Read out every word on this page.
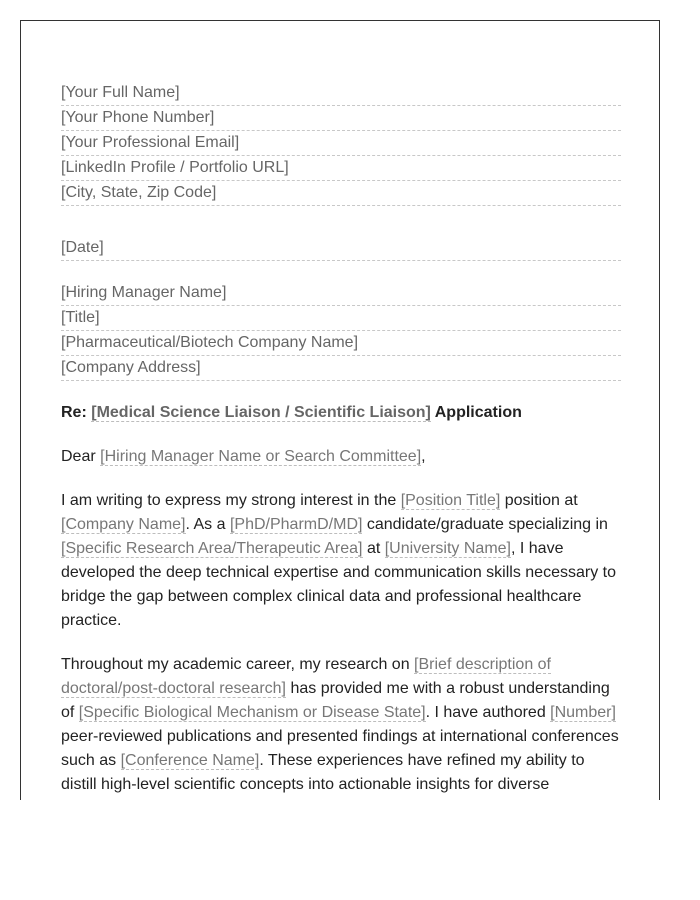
[Your Full Name]
[Your Phone Number]
[Your Professional Email]
[LinkedIn Profile / Portfolio URL]
[City, State, Zip Code]
[Date]
[Hiring Manager Name]
[Title]
[Pharmaceutical/Biotech Company Name]
[Company Address]
Re: [Medical Science Liaison / Scientific Liaison] Application

Dear [Hiring Manager Name or Search Committee],

I am writing to express my strong interest in the [Position Title] position at [Company Name]. As a [PhD/PharmD/MD] candidate/graduate specializing in [Specific Research Area/Therapeutic Area] at [University Name], I have developed the deep technical expertise and communication skills necessary to bridge the gap between complex clinical data and professional healthcare practice.

Throughout my academic career, my research on [Brief description of doctoral/post-doctoral research] has provided me with a robust understanding of [Specific Biological Mechanism or Disease State]. I have authored [Number] peer-reviewed publications and presented findings at international conferences such as [Conference Name]. These experiences have refined my ability to distill high-level scientific concepts into actionable insights for diverse
